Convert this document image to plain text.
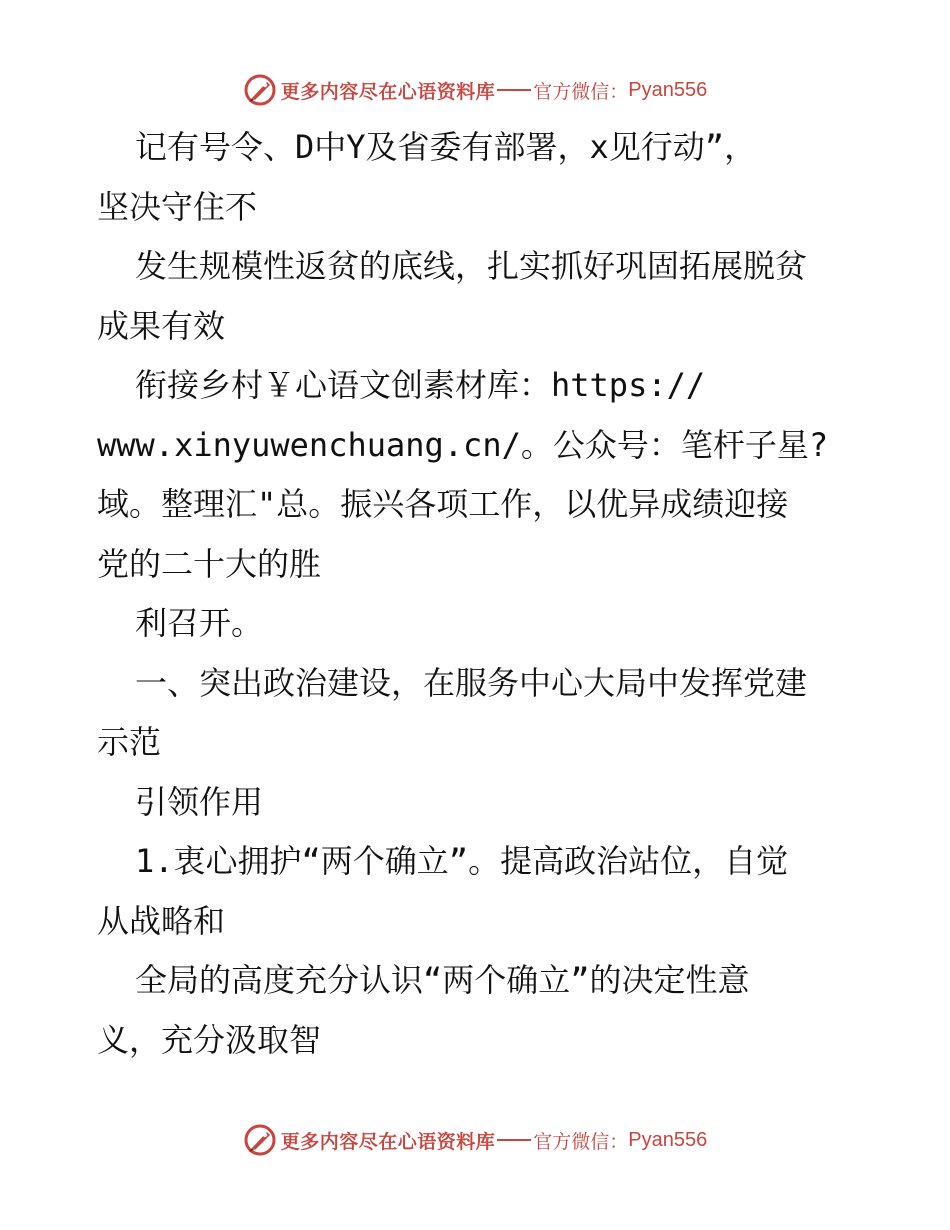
更多内容尽在心语资料库 官方微信： Pyan556
记有号令、D中Y及省委有部署，x见行动”，
坚决守住不
发生规模性返贫的底线，扎实抓好巩固拓展脱贫
成果有效
衔接乡村￥心语文创素材库：https://
www.xinyuwenchuang.cn/。公众号：笔杆子星?
域。整理汇"总。振兴各项工作，以优异成绩迎接
党的二十大的胜
利召开。
一、突出政治建设，在服务中心大局中发挥党建
示范
引领作用
1.衷心拥护“两个确立”。提高政治站位，自觉
从战略和
全局的高度充分认识“两个确立”的决定性意
义，充分汲取智
更多内容尽在心语资料库 官方微信： Pyan556
